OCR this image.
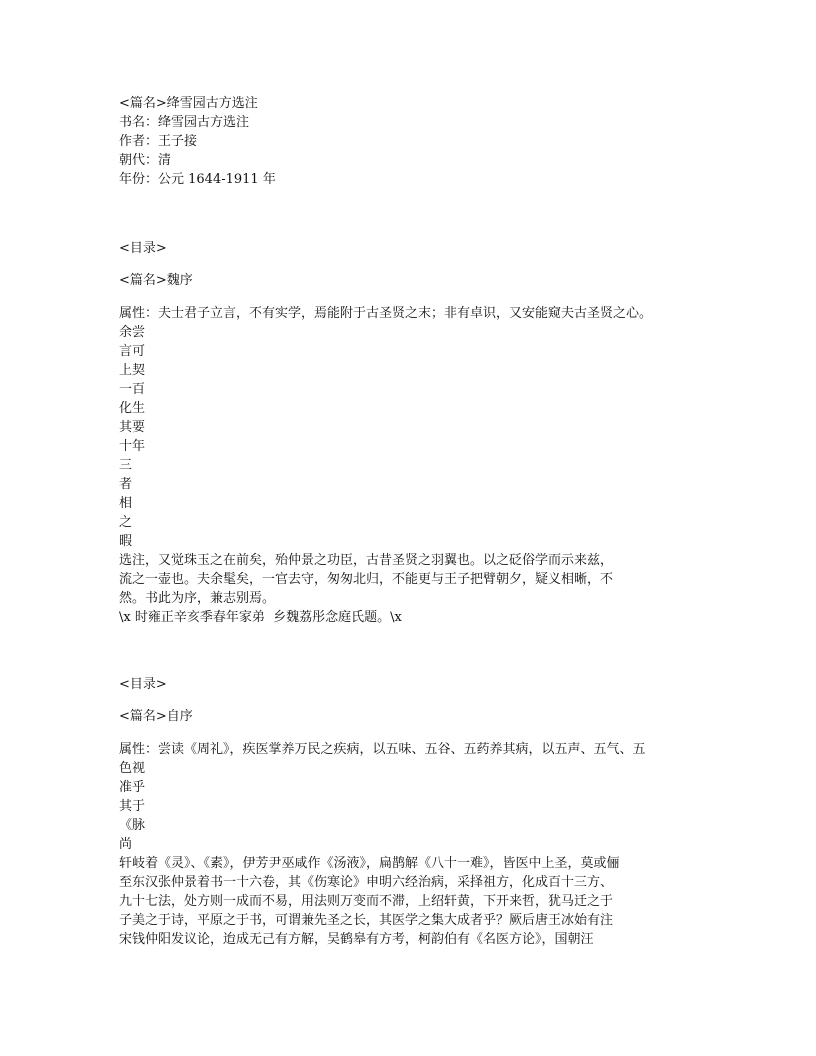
<篇名>绛雪园古方选注
书名：绛雪园古方选注
作者：王子接
朝代：清
年份：公元 1644-1911 年
<目录>
<篇名>魏序
属性：夫士君子立言，不有实学，焉能附于古圣贤之末；非有卓识，又安能窥夫古圣贤之心。
余尝
言可
上契
一百
化生
其要
十年
三
者
相
之
暇
选注，又觉珠玉之在前矣，殆仲景之功臣，古昔圣贤之羽翼也。以之砭俗学而示来兹，
流之一壶也。夫余髦矣，一官去守，匆匆北归，不能更与王子把臂朝夕，疑义相晰，不
然。书此为序，兼志别焉。
\x 时雍正辛亥季春年家弟  乡魏荔彤念庭氏题。\x
<目录>
<篇名>自序
属性：尝读《周礼》，疾医掌养万民之疾病，以五味、五谷、五药养其病，以五声、五气、五
色视
准乎
其于
《脉
尚
轩岐着《灵》、《素》，伊芳尹巫咸作《汤液》，扁鹊解《八十一难》，皆医中上圣，莫或俪
至东汉张仲景着书一十六卷，其《伤寒论》申明六经治病，采择祖方，化成百十三方、
九十七法，处方则一成而不易，用法则万变而不滞，上绍轩黄，下开来哲，犹马迁之于
子美之于诗，平原之于书，可谓兼先圣之长，其医学之集大成者乎？厥后唐王冰始有注
宋钱仲阳发议论，迨成无己有方解，吴鹤皋有方考，柯韵伯有《名医方论》，国朝汪
